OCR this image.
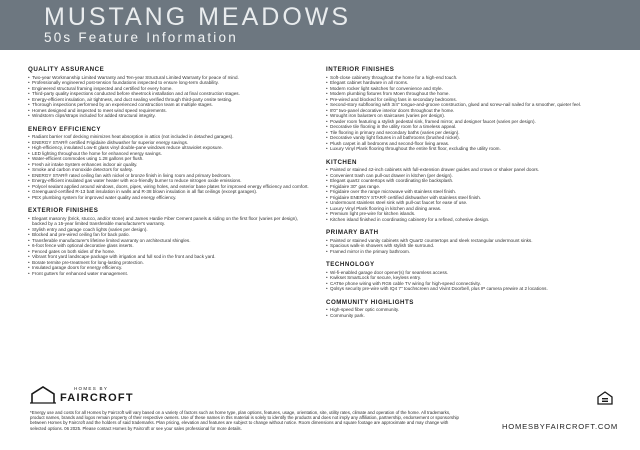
MUSTANG MEADOWS
50s Feature Information
QUALITY ASSURANCE
• Two-year Workmanship Limited Warranty and Ten-year Structural Limited Warranty for peace of mind.
• Professionally engineered post-tension foundations inspected to ensure long-term durability.
• Engineered structural framing inspected and certified for every home.
• Third-party quality inspections conducted before sheetrock installation and at final construction stages.
• Energy-efficient insulation, air tightness, and duct sealing verified through third-party onsite testing.
• Thorough inspections performed by an experienced construction team at multiple stages.
• Homes designed and inspected to meet wind speed requirements.
• Windstorm clips/straps included for added structural integrity.
ENERGY EFFICIENCY
• Radiant barrier roof decking minimizes heat absorption in attics (not included in detached garages).
• ENERGY STAR® certified Frigidaire dishwasher for superior energy savings.
• High-efficiency, insulated Low-E glass vinyl double-pane windows reduce ultraviolet exposure.
• LED lighting throughout the home for enhanced energy savings.
• Water-efficient commodes using 1.28 gallons per flush.
• Fresh air intake System enhances indoor air quality.
• Smoke and carbon monoxide detectors for safety.
• ENERGY STAR® rated ceiling fan with nickel or bronze finish in living room and primary bedroom.
• Energy-efficient insulated gas water heater with eco-friendly burner to reduce nitrogen oxide emissions.
• Polycel sealant applied around windows, doors, pipes, wiring holes, and exterior base plates for improved energy efficiency and comfort.
• Greenguard-certified R-13 batt insulation in walls and R-38 blown insulation in all flat ceilings (except garages).
• PEX plumbing system for improved water quality and energy efficiency.
EXTERIOR FINISHES
• Elegant masonry (brick, stucco, and/or stone) and James Hardie Fiber Cement panels & siding on the first floor (varies per design), backed by a 15-year limited transferable manufacturer's warranty.
• Stylish entry and garage coach lights (varies per design).
• Blocked and pre-wired ceiling fan for back patio.
• Transferable manufacturer's lifetime limited warranty on architectural shingles.
• 6-foot fence with optional decorative glass inserts.
• Fenced gates on both sides of the home.
• Vibrant front yard landscape package with irrigation and full sod in the front and back yard.
• Borate termite pre-treatment for long-lasting protection.
• Insulated garage doors for energy efficiency.
• Front gutters for enhanced water management.
INTERIOR FINISHES
• Soft-close cabinetry throughout the home for a high-end touch.
• Elegant cabinet hardware in all rooms.
• Modern rocker light switches for convenience and style.
• Modern plumbing fixtures from Moen throughout the home.
• Pre-wired and blocked for ceiling fans in secondary bedrooms.
• Second-story subflooring with 3/4" tongue-and-groove construction, glued and screw-nail nailed for a smoother, quieter feel.
• 8'0" two-panel decorative interior doors throughout the home.
• Wrought iron balusters on staircases (varies per design).
• Powder room featuring a stylish pedestal sink, framed mirror, and designer faucet (varies per design).
• Decorative tile flooring in the utility room for a timeless appeal.
• Tile flooring in primary and secondary baths (varies per design).
• Decorative vanity light fixtures in all bathrooms (brushed nickel).
• Plush carpet in all bedrooms and second-floor living areas.
• Luxury Vinyl Plank flooring throughout the entire first floor, excluding the utility room.
KITCHEN
• Painted or stained 42-inch cabinets with full-extension drawer guides and crown or shaker panel doors.
• Convenient trash can pull-out drawer in kitchen (per design).
• Elegant quartz countertops with coordinating tile backsplash.
• Frigidaire 30" gas range.
• Frigidaire over the range microwave with stainless steel finish.
• Frigidaire ENERGY STAR® certified dishwasher with stainless steel finish.
• Undermount stainless steel sink with pull-out faucet for ease of use.
• Luxury Vinyl Plank flooring in kitchen and dining areas.
• Premium light pre-wire for kitchen islands.
• Kitchen island finished in coordinating cabinetry for a refined, cohesive design.
PRIMARY BATH
• Painted or stained vanity cabinets with Quartz countertops and sleek rectangular undermount sinks.
• Spacious walk-in showers with stylish tile surround.
• Framed mirror in the primary bathroom.
TECHNOLOGY
• Wi-fi-enabled garage door opener(s) for seamless access.
• Kwikset SmartLock for secure, keyless entry.
• CAT6e phone wiring with RG6 cable TV wiring for high-speed connectivity.
• Qolsys security pre-wire with IQ4 7" touchscreen and Vivint Doorbell, plus IP camera prewire at 2 locations.
COMMUNITY HIGHLIGHTS
• High-speed fiber optic community.
• Community park.
HOMES BY
FAIRCROFT
*Energy use and costs for all Homes by Faircroft will vary based on a variety of factors such as home type, plan options, features, usage, orientation, site, utility rates, climate and operation of the home. All trademarks, product names, brands and logos remain property of their respective owners. Use of these names in this material is solely to identify the products and does not imply any affiliation, partnership, endorsement or sponsorship between Homes by Faircroft and the holders of said trademarks. Plan pricing, elevation and features are subject to change without notice. Room dimensions and square footage are approximate and may change with selected options. 06 2025. Please contact Homes by Faircroft or see your sales professional for more details.	HOMESBYFAIRCROFT.COM
